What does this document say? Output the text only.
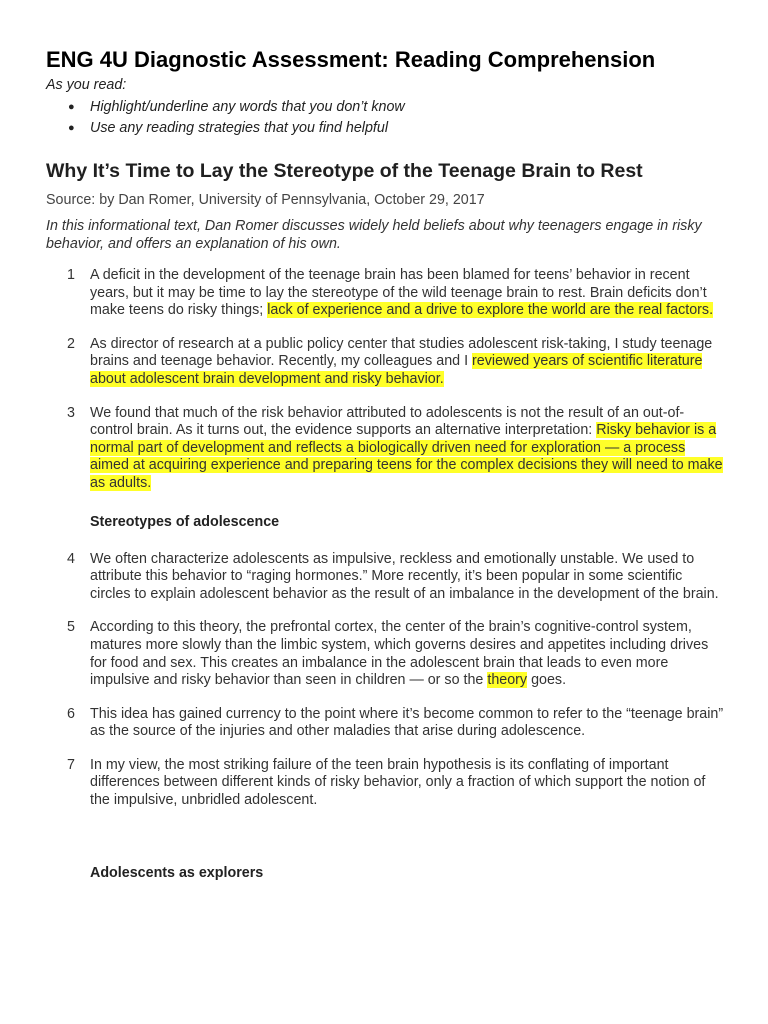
ENG 4U Diagnostic Assessment: Reading Comprehension
As you read:
● Highlight/underline any words that you don’t know
● Use any reading strategies that you find helpful
Why It’s Time to Lay the Stereotype of the Teenage Brain to Rest
Source: by Dan Romer, University of Pennsylvania, October 29, 2017
In this informational text, Dan Romer discusses widely held beliefs about why teenagers engage in risky behavior, and offers an explanation of his own.
1 A deficit in the development of the teenage brain has been blamed for teens’ behavior in recent years, but it may be time to lay the stereotype of the wild teenage brain to rest. Brain deficits don’t make teens do risky things; lack of experience and a drive to explore the world are the real factors.
2 As director of research at a public policy center that studies adolescent risk-taking, I study teenage brains and teenage behavior. Recently, my colleagues and I reviewed years of scientific literature about adolescent brain development and risky behavior.
3 We found that much of the risk behavior attributed to adolescents is not the result of an out-of-control brain. As it turns out, the evidence supports an alternative interpretation: Risky behavior is a normal part of development and reflects a biologically driven need for exploration — a process aimed at acquiring experience and preparing teens for the complex decisions they will need to make as adults.
Stereotypes of adolescence
4 We often characterize adolescents as impulsive, reckless and emotionally unstable. We used to attribute this behavior to “raging hormones.” More recently, it’s been popular in some scientific circles to explain adolescent behavior as the result of an imbalance in the development of the brain.
5 According to this theory, the prefrontal cortex, the center of the brain’s cognitive-control system, matures more slowly than the limbic system, which governs desires and appetites including drives for food and sex. This creates an imbalance in the adolescent brain that leads to even more impulsive and risky behavior than seen in children — or so the theory goes.
6 This idea has gained currency to the point where it’s become common to refer to the “teenage brain” as the source of the injuries and other maladies that arise during adolescence.
7 In my view, the most striking failure of the teen brain hypothesis is its conflating of important differences between different kinds of risky behavior, only a fraction of which support the notion of the impulsive, unbridled adolescent.
Adolescents as explorers
